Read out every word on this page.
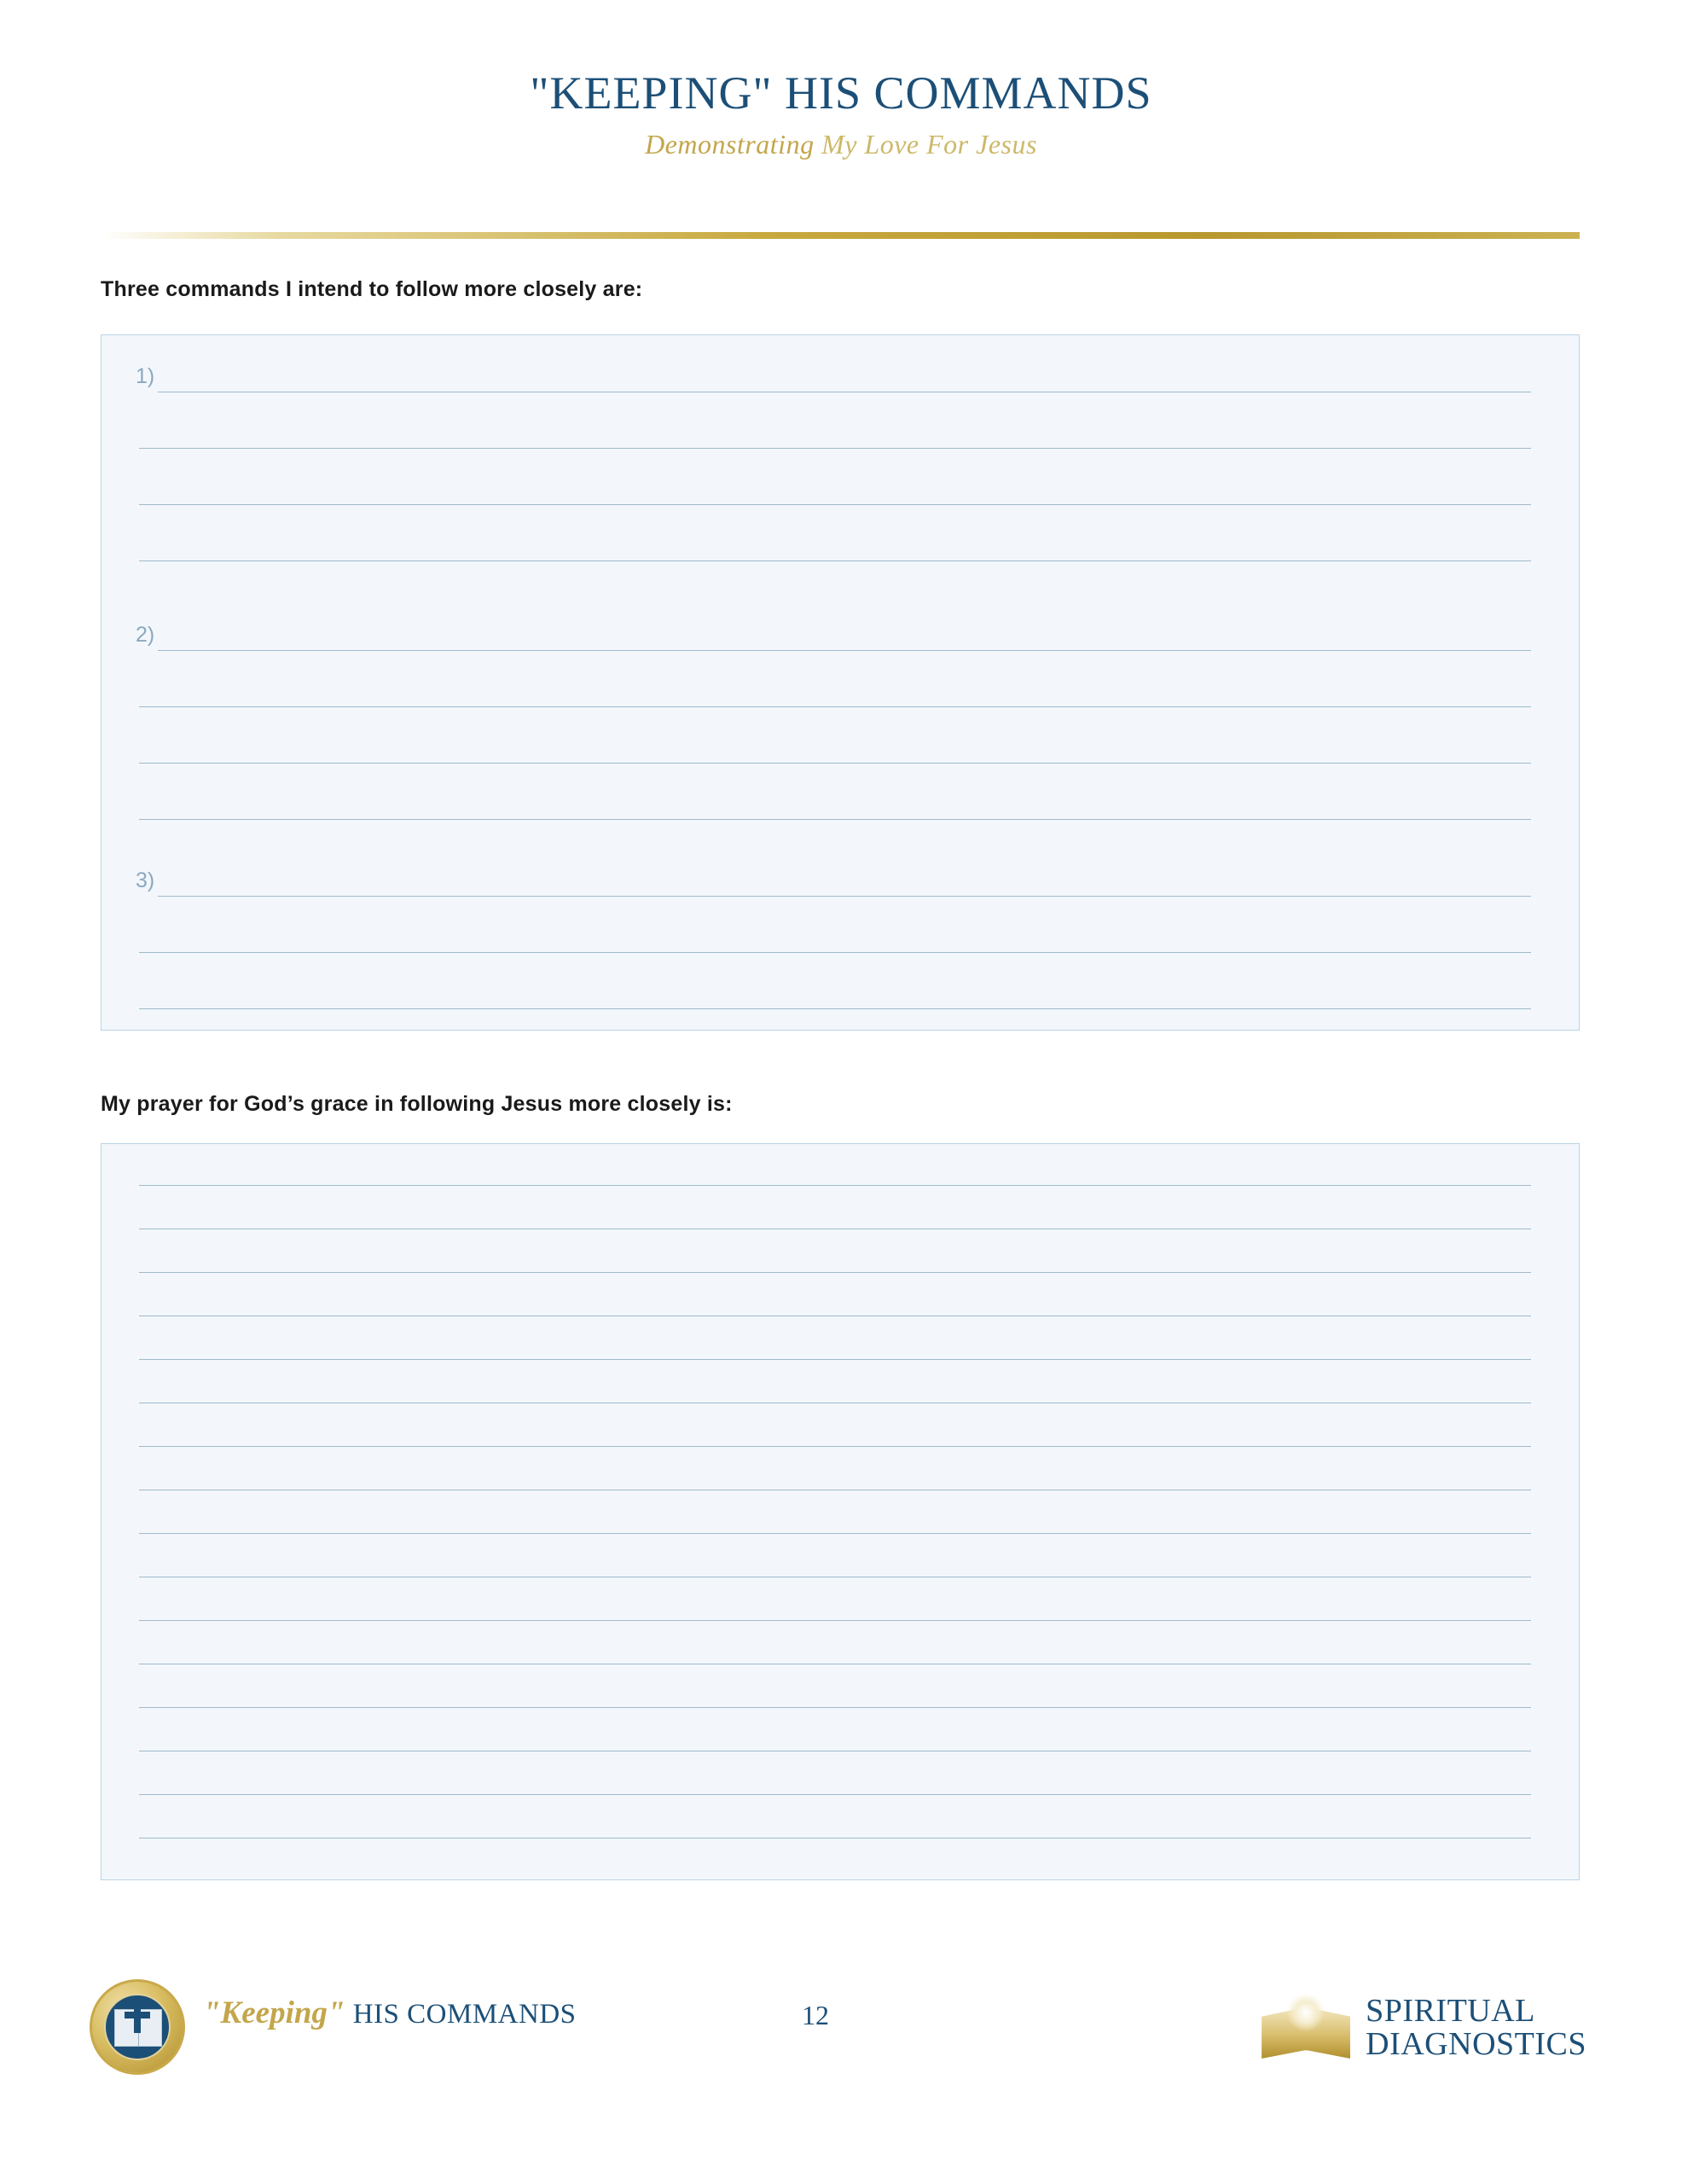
"KEEPING" HIS COMMANDS
Demonstrating My Love For Jesus
Three commands I intend to follow more closely are:
1)
2)
3)
My prayer for God’s grace in following Jesus more closely is:
"Keeping" HIS COMMANDS	12	SPIRITUAL
DIAGNOSTICS
